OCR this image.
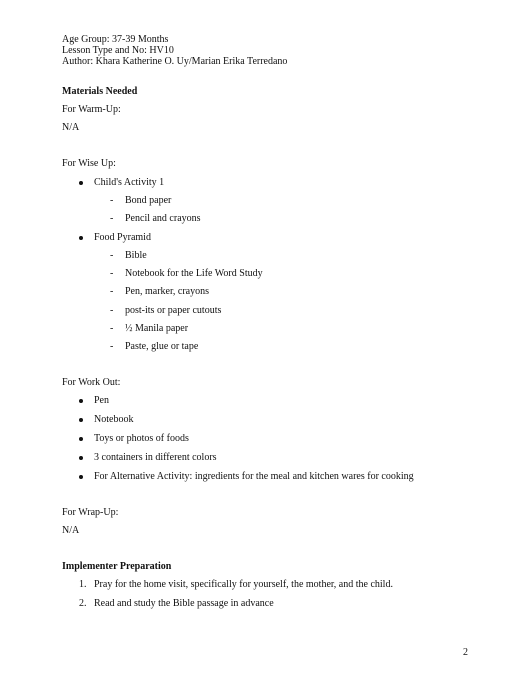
Age Group: 37-39 Months
Lesson Type and No: HV10
Author: Khara Katherine O. Uy/Marian Erika Terredano
Materials Needed
For Warm-Up:
N/A
For Wise Up:
Child's Activity 1
- Bond paper
- Pencil and crayons
Food Pyramid
- Bible
- Notebook for the Life Word Study
- Pen, marker, crayons
- post-its or paper cutouts
- ½ Manila paper
- Paste, glue or tape
For Work Out:
Pen
Notebook
Toys or photos of foods
3 containers in different colors
For Alternative Activity: ingredients for the meal and kitchen wares for cooking
For Wrap-Up:
N/A
Implementer Preparation
1. Pray for the home visit, specifically for yourself, the mother, and the child.
2. Read and study the Bible passage in advance
2
